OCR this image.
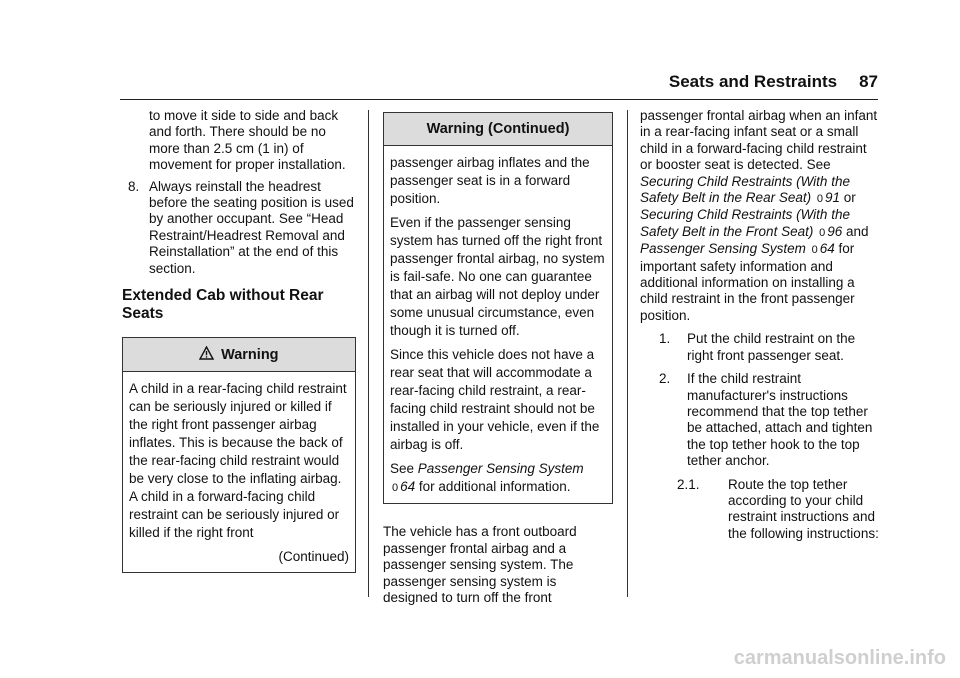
Seats and Restraints 87

to move it side to side and back and forth. There should be no more than 2.5 cm (1 in) of movement for proper installation.

8. Always reinstall the headrest before the seating position is used by another occupant. See “Head Restraint/Headrest Removal and Reinstallation” at the end of this section.
Extended Cab without Rear Seats
Warning

A child in a rear-facing child restraint can be seriously injured or killed if the right front passenger airbag inflates. This is because the back of the rear-facing child restraint would be very close to the inflating airbag. A child in a forward-facing child restraint can be seriously injured or killed if the right front

(Continued)

Warning (Continued)

passenger airbag inflates and the passenger seat is in a forward position.

Even if the passenger sensing system has turned off the right front passenger frontal airbag, no system is fail-safe. No one can guarantee that an airbag will not deploy under some unusual circumstance, even though it is turned off.

Since this vehicle does not have a rear seat that will accommodate a rear-facing child restraint, a rear-facing child restraint should not be installed in your vehicle, even if the airbag is off.

See Passenger Sensing System
0 64 for additional information.

The vehicle has a front outboard passenger frontal airbag and a passenger sensing system. The passenger sensing system is designed to turn off the front

passenger frontal airbag when an infant in a rear-facing infant seat or a small child in a forward-facing child restraint or booster seat is detected. See Securing Child Restraints (With the Safety Belt in the Rear Seat) 0 91 or Securing Child Restraints (With the Safety Belt in the Front Seat) 0 96 and Passenger Sensing System 0 64 for important safety information and additional information on installing a child restraint in the front passenger position.

1. Put the child restraint on the right front passenger seat.
2. If the child restraint manufacturer's instructions recommend that the top tether be attached, attach and tighten the top tether hook to the top tether anchor.
2.1. Route the top tether according to your child restraint instructions and the following instructions:
carmanualsonline.info
